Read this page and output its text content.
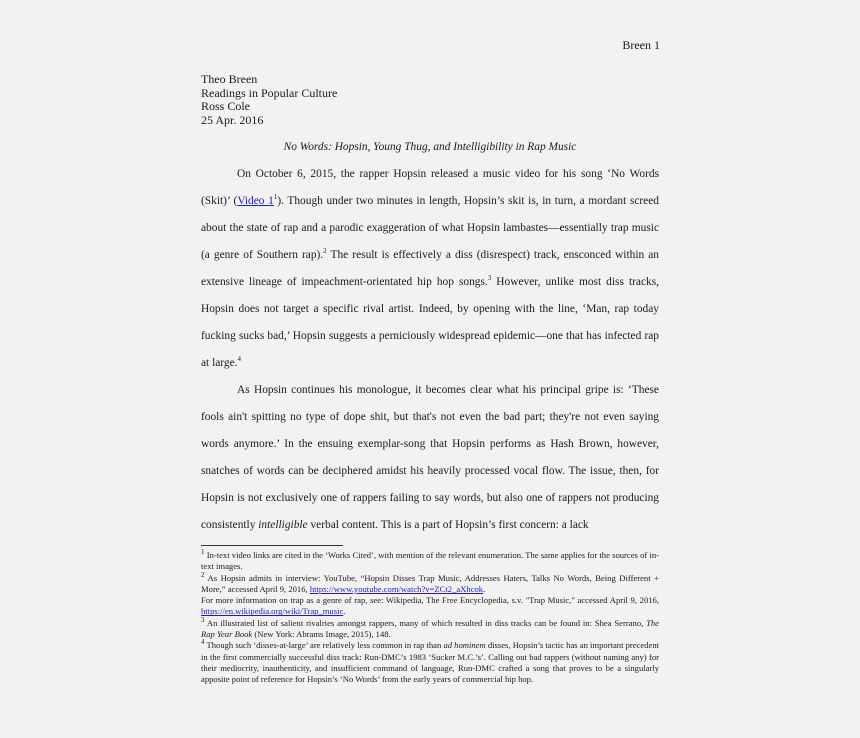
Breen 1
Theo Breen
Readings in Popular Culture
Ross Cole
25 Apr. 2016
No Words: Hopsin, Young Thug, and Intelligibility in Rap Music

On October 6, 2015, the rapper Hopsin released a music video for his song ‘No Words (Skit)’ (Video $1^1$). Though under two minutes in length, Hopsin’s skit is, in turn, a mordant screed about the state of rap and a parodic exaggeration of what Hopsin lambastes—essentially trap music (a genre of Southern rap).$^2$ The result is effectively a diss (disrespect) track, ensconced within an extensive lineage of impeachment-orientated hip hop songs.$^3$ However, unlike most diss tracks, Hopsin does not target a specific rival artist. Indeed, by opening with the line, ‘Man, rap today fucking sucks bad,’ Hopsin suggests a perniciously widespread epidemic—one that has infected rap at large.$^4$

As Hopsin continues his monologue, it becomes clear what his principal gripe is: ‘These fools ain't spitting no type of dope shit, but that's not even the bad part; they're not even saying words anymore.’ In the ensuing exemplar-song that Hopsin performs as Hash Brown, however, snatches of words can be deciphered amidst his heavily processed vocal flow. The issue, then, for Hopsin is not exclusively one of rappers failing to say words, but also one of rappers not producing consistently intelligible verbal content. This is a part of Hopsin’s first concern: a lack

$^1$ In-text video links are cited in the ‘Works Cited’, with mention of the relevant enumeration. The same applies for the sources of in-text images.

$^2$ As Hopsin admits in interview: YouTube, “Hopsin Disses Trap Music, Addresses Haters, Talks No Words, Being Different + More,” accessed April 9, 2016, https://www.youtube.com/watch?v=ZCt2_aXhcok.

For more information on trap as a genre of rap, see: Wikipedia, The Free Encyclopedia, s.v. "Trap Music," accessed April 9, 2016, https://en.wikipedia.org/wiki/Trap_music.

$^3$ An illustrated list of salient rivalries amongst rappers, many of which resulted in diss tracks can be found in: Shea Serrano, The Rap Year Book (New York: Abrams Image, 2015), 148.

$^4$ Though such ‘disses-at-large’ are relatively less common in rap than ad hominem disses, Hopsin’s tactic has an important precedent in the first commercially successful diss track: Run-DMC’s 1983 ‘Sucker M.C.’s’. Calling out bad rappers (without naming any) for their mediocrity, inauthenticity, and insufficient command of language, Run-DMC crafted a song that proves to be a singularly apposite point of reference for Hopsin’s ‘No Words’ from the early years of commercial hip hop.
